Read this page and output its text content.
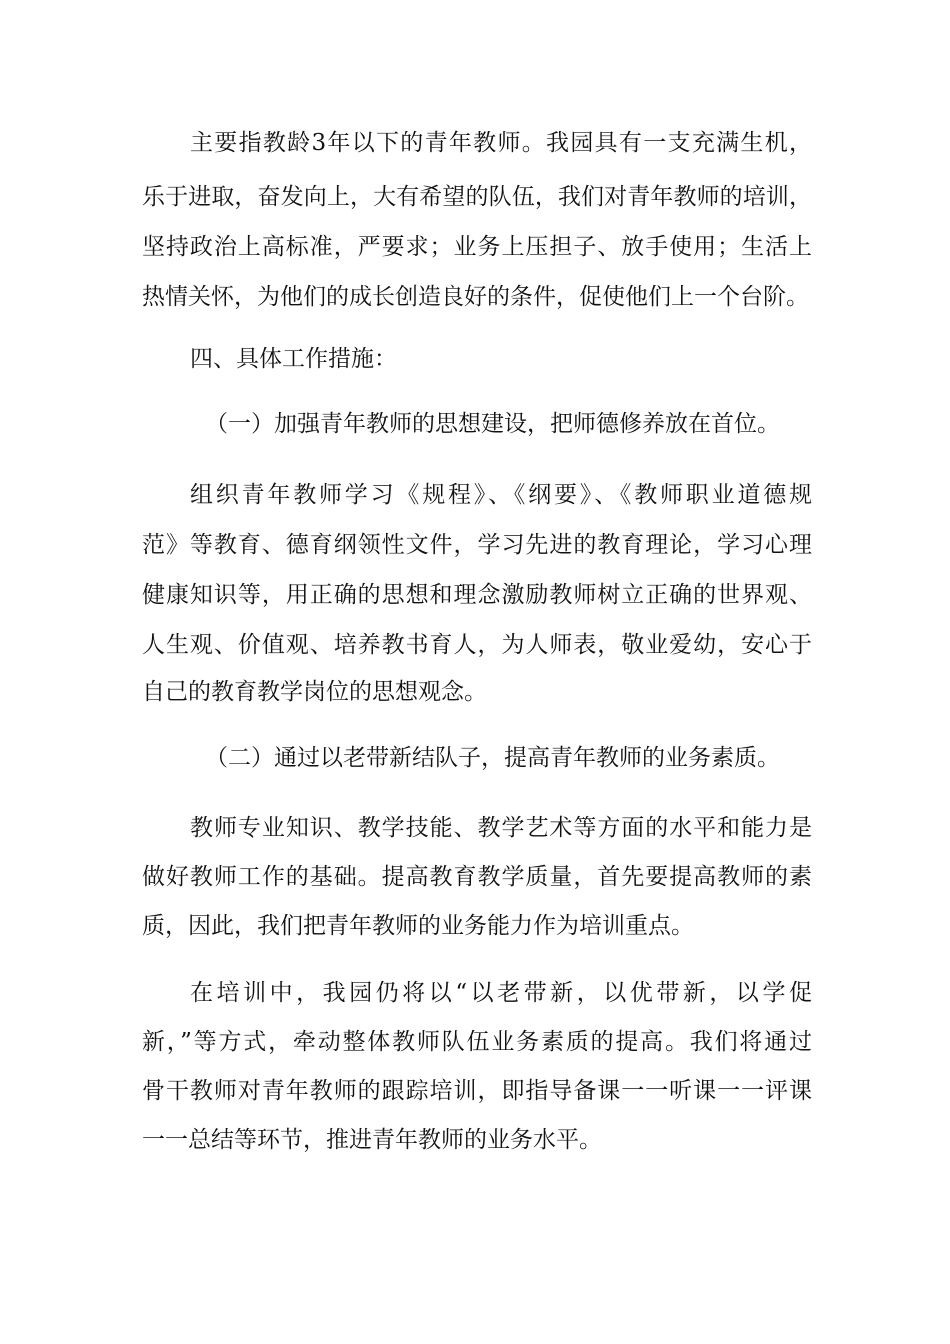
主要指教龄3年以下的青年教师。我园具有一支充满生机，
乐于进取，奋发向上，大有希望的队伍，我们对青年教师的培训，
坚持政治上高标准，严要求；业务上压担子、放手使用；生活上
热情关怀，为他们的成长创造良好的条件，促使他们上一个台阶。
四、具体工作措施：
（一）加强青年教师的思想建设，把师德修养放在首位。
组织青年教师学习《规程》、《纲要》、《教师职业道德规
范》等教育、德育纲领性文件，学习先进的教育理论，学习心理
健康知识等，用正确的思想和理念激励教师树立正确的世界观、
人生观、价值观、培养教书育人，为人师表，敬业爱幼，安心于
自己的教育教学岗位的思想观念。
（二）通过以老带新结队子，提高青年教师的业务素质。
教师专业知识、教学技能、教学艺术等方面的水平和能力是
做好教师工作的基础。提高教育教学质量，首先要提高教师的素
质，因此，我们把青年教师的业务能力作为培训重点。
在培训中，我园仍将以“以老带新，以优带新，以学促
新，”等方式，牵动整体教师队伍业务素质的提高。我们将通过
骨干教师对青年教师的跟踪培训，即指导备课一一听课一一评课
一一总结等环节，推进青年教师的业务水平。
